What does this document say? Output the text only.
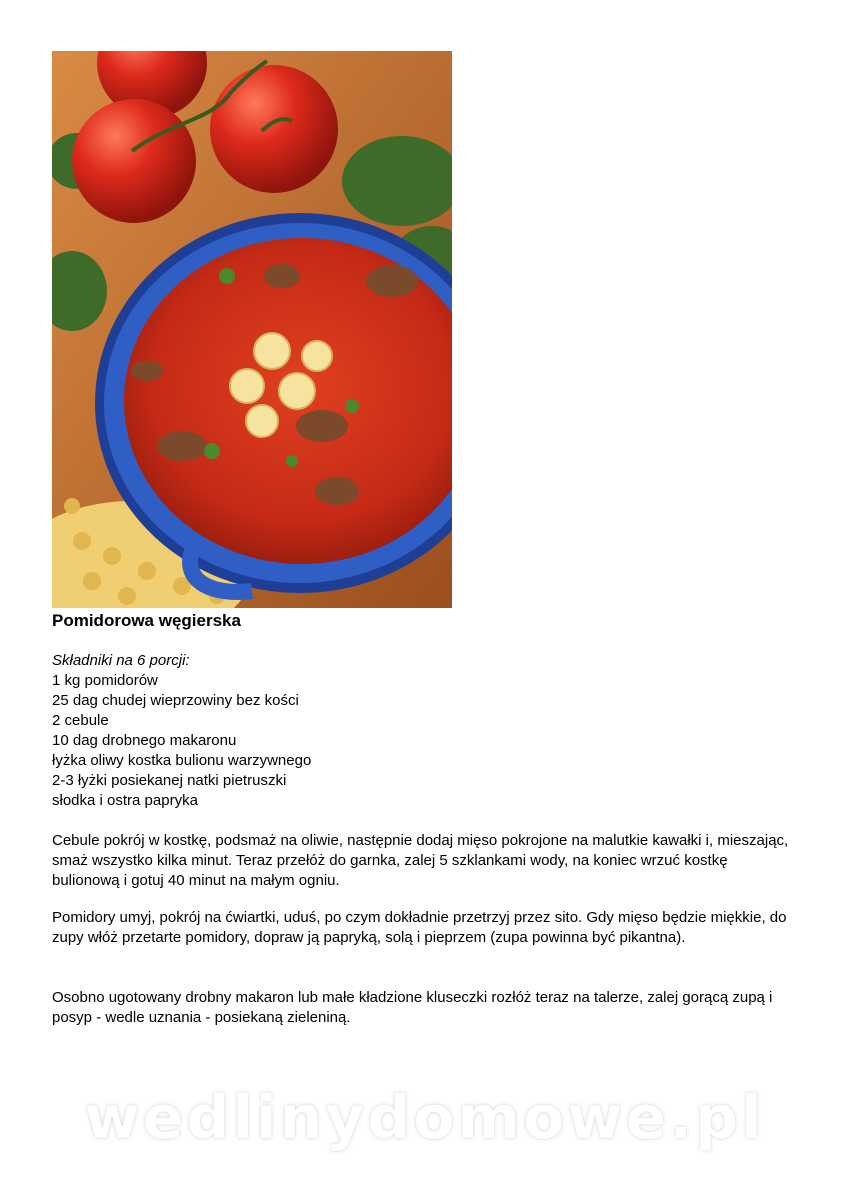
Pomidorowa węgierska
Składniki na 6 porcji:
1 kg pomidorów
25 dag chudej wieprzowiny bez kości
2 cebule
10 dag drobnego makaronu
łyżka oliwy kostka bulionu warzywnego
2-3 łyżki posiekanej natki pietruszki
słodka i ostra papryka

Cebule pokrój w kostkę, podsmaż na oliwie, następnie dodaj mięso pokrojone na malutkie kawałki i, mieszając, smaż wszystko kilka minut. Teraz przełóż do garnka, zalej 5 szklankami wody, na koniec wrzuć kostkę bulionową i gotuj 40 minut na małym ogniu.

Pomidory umyj, pokrój na ćwiartki, uduś, po czym dokładnie przetrzyj przez sito. Gdy mięso będzie miękkie, do zupy włóż przetarte pomidory, dopraw ją papryką, solą i pieprzem (zupa powinna być pikantna).

Osobno ugotowany drobny makaron lub małe kładzione kluseczki rozłóż teraz na talerze, zalej gorącą zupą i posyp - wedle uznania - posiekaną zieleniną.

wedlinydomowe.pl
